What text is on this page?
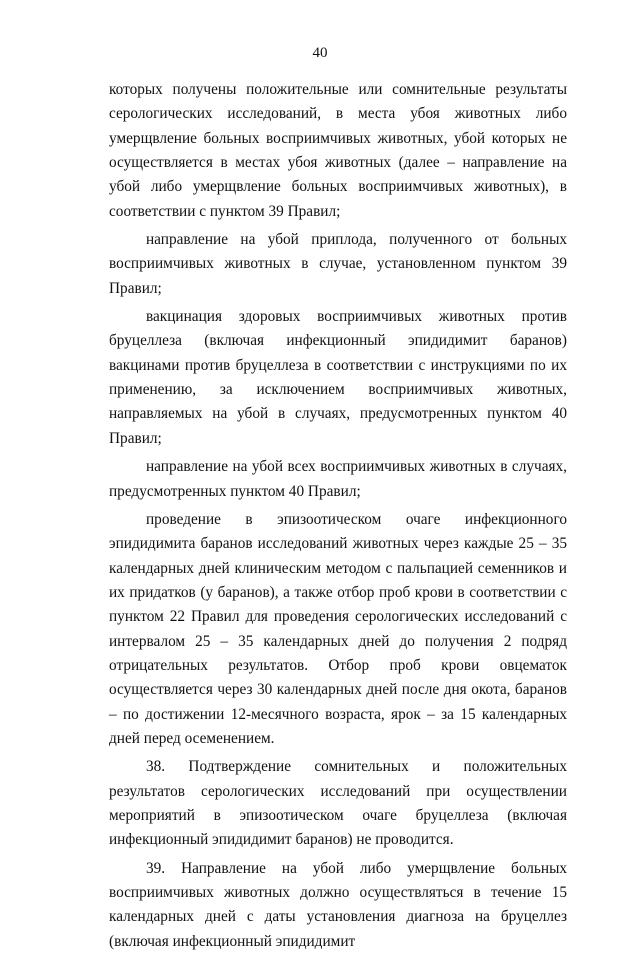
40

которых получены положительные или сомнительные результаты серологических исследований, в места убоя животных либо умерщвление больных восприимчивых животных, убой которых не осуществляется в местах убоя животных (далее – направление на убой либо умерщвление больных восприимчивых животных), в соответствии с пунктом 39 Правил;

направление на убой приплода, полученного от больных восприимчивых животных в случае, установленном пунктом 39 Правил;

вакцинация здоровых восприимчивых животных против бруцеллеза (включая инфекционный эпидидимит баранов) вакцинами против бруцеллеза в соответствии с инструкциями по их применению, за исключением восприимчивых животных, направляемых на убой в случаях, предусмотренных пунктом 40 Правил;

направление на убой всех восприимчивых животных в случаях, предусмотренных пунктом 40 Правил;

проведение в эпизоотическом очаге инфекционного эпидидимита баранов исследований животных через каждые 25 – 35 календарных дней клиническим методом с пальпацией семенников и их придатков (у баранов), а также отбор проб крови в соответствии с пунктом 22 Правил для проведения серологических исследований с интервалом 25 – 35 календарных дней до получения 2 подряд отрицательных результатов. Отбор проб крови овцематок осуществляется через 30 календарных дней после дня окота, баранов – по достижении 12-месячного возраста, ярок – за 15 календарных дней перед осеменением.

38. Подтверждение сомнительных и положительных результатов серологических исследований при осуществлении мероприятий в эпизоотическом очаге бруцеллеза (включая инфекционный эпидидимит баранов) не проводится.

39. Направление на убой либо умерщвление больных восприимчивых животных должно осуществляться в течение 15 календарных дней с даты установления диагноза на бруцеллез (включая инфекционный эпидидимит
